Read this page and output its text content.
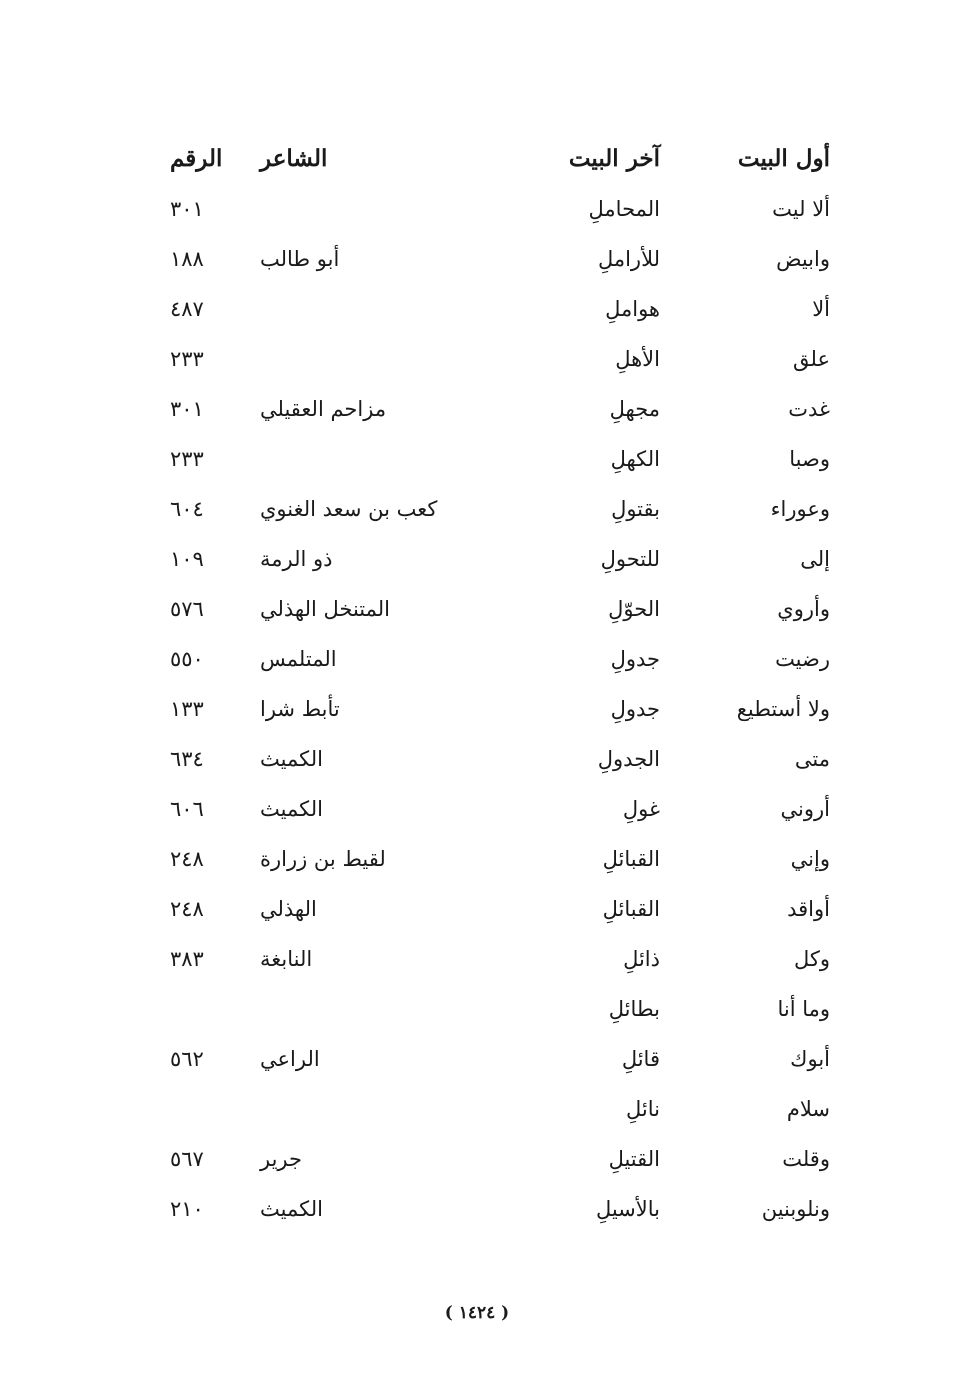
أول البيت	آخر البيت	الشاعر	الرقم
ألا ليت	المحاملِ		٣٠١
وابيض	للأراملِ	أبو طالب	١٨٨
ألا	هواملِ		٤٨٧
علق	الأهلِ		٢٣٣
غدت	مجهلِ	مزاحم العقيلي	٣٠١
وصبا	الكهلِ		٢٣٣
وعوراء	بقتولِ	كعب بن سعد الغنوي	٦٠٤
إلى	للتحولِ	ذو الرمة	١٠٩
وأروي	الحوّلِ	المتنخل الهذلي	٥٧٦
رضيت	جدولِ	المتلمس	٥٥٠
ولا أستطيع	جدولِ	تأبط شرا	١٣٣
متى	الجدولِ	الكميث	٦٣٤
أروني	غولِ	الكميث	٦٠٦
وإني	القبائلِ	لقيط بن زرارة	٢٤٨
أواقد	القبائلِ	الهذلي	٢٤٨
وكل	ذائلِ	النابغة	٣٨٣
وما أنا	بطائلِ		
أبوك	قائلِ	الراعي	٥٦٢
سلام	نائلِ		
وقلت	القتيلِ	جرير	٥٦٧
ونلوبنين	بالأسيلِ	الكميث	٢١٠
( ١٤٢٤ )
